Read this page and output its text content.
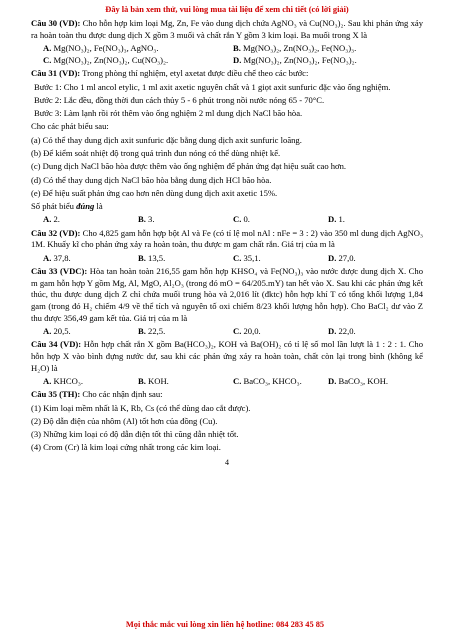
Đây là bản xem thử, vui lòng mua tài liệu để xem chi tiết (có lời giải)

Câu 30 (VD): Cho hỗn hợp kim loại Mg, Zn, Fe vào dung dịch chứa AgNO₃ và Cu(NO₃)₂. Sau khi phản ứng xảy ra hoàn toàn thu được dung dịch X gồm 3 muối và chất rắn Y gồm 3 kim loại. Ba muối trong X là

A. Mg(NO₃)₂, Fe(NO₃)₃, AgNO₃.	B. Mg(NO₃)₂, Zn(NO₃)₂, Fe(NO₃)₃.
C. Mg(NO₃)₂, Zn(NO₃)₂, Cu(NO₃)₂.	D. Mg(NO₃)₂, Zn(NO₃)₂, Fe(NO₃)₂.

Câu 31 (VD): Trong phòng thí nghiệm, etyl axetat được điều chế theo các bước:

Bước 1: Cho 1 ml ancol etylic, 1 ml axit axetic nguyên chất và 1 giọt axit sunfuric đặc vào ống nghiệm.

Bước 2: Lắc đều, đồng thời đun cách thủy 5 - 6 phút trong nồi nước nóng 65 - 70°C.

Bước 3: Làm lạnh rồi rót thêm vào ống nghiệm 2 ml dung dịch NaCl bão hòa.

Cho các phát biểu sau:

(a) Có thể thay dung dịch axit sunfuric đặc bằng dung dịch axit sunfuric loãng.

(b) Để kiểm soát nhiệt độ trong quá trình đun nóng có thể dùng nhiệt kế.

(c) Dung dịch NaCl bão hòa được thêm vào ống nghiệm để phản ứng đạt hiệu suất cao hơn.

(d) Có thể thay dung dịch NaCl bão hòa bằng dung dịch HCl bão hòa.

(e) Để hiệu suất phản ứng cao hơn nên dùng dung dịch axit axetic 15%.

Số phát biểu đúng là

A. 2.	B. 3.	C. 0.	D. 1.

Câu 32 (VD): Cho 4,825 gam hỗn hợp bột Al và Fe (có tỉ lệ mol nAl : nFe = 3 : 2) vào 350 ml dung dịch AgNO₃ 1M. Khuấy kĩ cho phản ứng xảy ra hoàn toàn, thu được m gam chất rắn. Giá trị của m là

A. 37,8.	B. 13,5.	C. 35,1.	D. 27,0.

Câu 33 (VDC): Hòa tan hoàn toàn 216,55 gam hỗn hợp KHSO₄ và Fe(NO₃)₃ vào nước được dung dịch X. Cho m gam hỗn hợp Y gồm Mg, Al, MgO, Al₂O₃ (trong đó mO = 64/205.mY) tan hết vào X. Sau khi các phản ứng kết thúc, thu được dung dịch Z chỉ chứa muối trung hòa và 2,016 lít (đktc) hỗn hợp khí T có tổng khối lượng 1,84 gam (trong đó H₂ chiếm 4/9 về thể tích và nguyên tố oxi chiếm 8/23 khối lượng hỗn hợp). Cho BaCl₂ dư vào Z thu được 356,49 gam kết tủa. Giá trị của m là

A. 20,5.	B. 22,5.	C. 20,0.	D. 22,0.

Câu 34 (VD): Hỗn hợp chất rắn X gồm Ba(HCO₃)₂, KOH và Ba(OH)₂ có tỉ lệ số mol lần lượt là 1 : 2 : 1. Cho hỗn hợp X vào bình đựng nước dư, sau khi các phản ứng xảy ra hoàn toàn, chất còn lại trong bình (không kể H₂O) là

A. KHCO₃.	B. KOH.	C. BaCO₃, KHCO₃.	D. BaCO₃, KOH.

Câu 35 (TH): Cho các nhận định sau:

(1) Kim loại mềm nhất là K, Rb, Cs (có thể dùng dao cắt được).

(2) Độ dẫn điện của nhôm (Al) tốt hơn của đồng (Cu).

(3) Những kim loại có độ dẫn điện tốt thì cũng dẫn nhiệt tốt.

(4) Crom (Cr) là kim loại cứng nhất trong các kim loại.

4
Mọi thắc mắc vui lòng xin liên hệ hotline: 084 283 45 85
